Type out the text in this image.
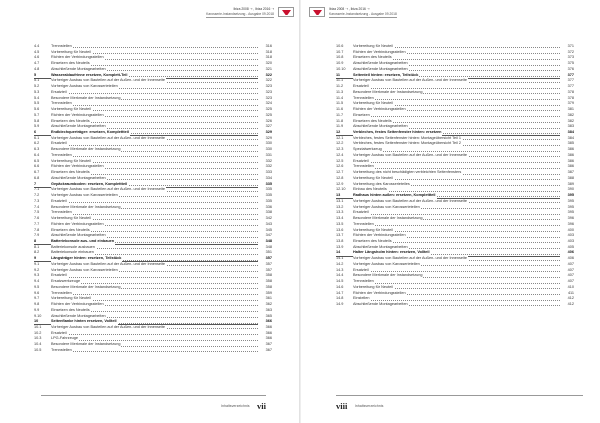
Ibiza 2008 ➝ , Ibiza 2016 ➝
Karosserie-Instandsetzung - Ausgabe 09.2018
4.4	Trennstellen	316
4.5	Vorbereitung für Neuteil	318
4.6	Richten der Verbindungsstellen	318
4.7	Einsetzen des Neuteils	320
4.8	Abschließende Montagearbeiten	321
5	Wasserablaufrinne ersetzen, Komplett-Teil	322
5.1	Vorheriger Ausbau von Bauteilen auf der Außen- und der Innenseite	322
5.2	Vorheriger Ausbau von Karosserieteilen	323
5.3	Ersatzteil	323
5.4	Besondere Merkmale der Instandsetzung	323
5.5	Trennstellen	324
5.6	Vorbereitung für Neuteil	325
5.7	Richten der Verbindungsstellen	325
5.8	Einsetzen des Neuteils	326
5.9	Abschließende Montagearbeiten	327
6	Endblechquerträger: ersetzen, Komplettteil	329
6.1	Vorheriger Ausbau von Bauteilen auf der Außen- und der Innenseite	329
6.2	Ersatzteil	330
6.3	Besondere Merkmale der Instandsetzung	330
6.4	Trennstellen	331
6.5	Vorbereitung für Neuteil	332
6.6	Richten der Verbindungsstellen	332
6.7	Einsetzen des Neuteils	333
6.8	Abschließende Montagearbeiten	334
7	Gepäckraumboden: ersetzen, Komplettteil	335
7.1	Vorheriger Ausbau von Bauteilen auf der Außen- und der Innenseite	335
7.2	Vorheriger Ausbau von Karosserieteilen	335
7.3	Ersatzteil	335
7.4	Besondere Merkmale der Instandsetzung	336
7.5	Trennstellen	338
7.6	Vorbereitung für Neuteil	342
7.7	Richten der Verbindungsstellen	343
7.8	Einsetzen des Neuteils	345
7.9	Abschließende Montagearbeiten	347
8	Batteriekonsole aus- und einbauen	348
8.1	Batteriekonsole ausbauen	348
8.2	Batteriekonsole einbauen	351
9	Längsträger hinten: ersetzen, Teilstück	357
9.1	Vorheriger Ausbau von Bauteilen auf der Außen- und der Innenseite	357
9.2	Vorheriger Ausbau von Karosserieteilen	357
9.3	Ersatzteil	358
9.4	Ersatzwerkzeuge	358
9.5	Besondere Merkmale der Instandsetzung	358
9.6	Trennstellen	359
9.7	Vorbereitung für Neuteil	361
9.8	Richten der Verbindungsstellen	362
9.9	Einsetzen des Neuteils	363
9.10	Abschließende Montagearbeiten	365
10	Seitenflanke hinten ersetzen, Vollteil	366
10.1	Vorheriger Ausbau von Bauteilen auf der Außen- und der Innenseite	366
10.2	Ersatzteil	366
10.3	LPG-Fahrzeuge	366
10.4	Besondere Merkmale der Instandsetzung	367
10.5	Trennstellen	367
Inhaltsverzeichnis vii
Ibiza 2008 ➝ , Ibiza 2016 ➝
Karosserie-Instandsetzung - Ausgabe 09.2018
10.6	Vorbereitung für Neuteil	371
10.7	Richten der Verbindungsstellen	372
10.8	Einsetzen des Neuteils	373
10.9	Abschließende Montagearbeiten	375
10.10	Abschließende Montagearbeiten	376
11	Seitenteil hinten: ersetzen, Teilstück	377
11.1	Vorheriger Ausbau von Bauteilen auf der Außen- und der Innenseite	377
11.2	Ersatzteil	377
11.3	Besondere Merkmale der Instandsetzung	378
11.4	Trennstellen	378
11.5	Vorbereitung für Neuteil	379
11.6	Richten der Verbindungsstellen	381
11.7	Einsetzen	382
11.8	Einsetzen des Neuteils	382
11.9	Abschließende Montagearbeiten	383
12	Verbleches, festes Seitenfenster hinten: ersetzen	384
12.1	Verbleches, festes Seitenfenster hinten: Montageübersicht Teil 1	384
12.2	Verbleches, festes Seitenfenster hinten: Montageübersicht Teil 2	385
12.3	Spezialwerkzeug	386
12.4	Vorheriger Ausbau von Bauteilen auf der Außen- und der Innenseite	386
12.5	Ersatzteil	386
12.6	Trennstellen	386
12.7	Vorbereitung des nicht beschädigten verbleichten Seitenfensters	387
12.8	Vorbereitung für Neuteil	388
12.9	Vorbereitung des Karosserieteiles	389
12.10	Einbau des Neuteils	390
13	Radhaus hinten außen: ersetzen, Komplettteil	395
13.1	Vorheriger Ausbau von Bauteilen auf der Außen- und der Innenseite	395
13.2	Vorheriger Ausbau von Karosserieteilen	395
13.3	Ersatzteil	395
13.4	Besondere Merkmale der Instandsetzung	396
13.5	Trennstellen	396
13.6	Vorbereitung für Neuteil	400
13.7	Richten der Verbindungsstellen	403
13.8	Einsetzen des Neuteils	403
13.9	Abschließende Montagearbeiten	405
14	Halter Längsholm hinten: ersetzen, Vollteil	406
14.1	Vorheriger Ausbau von Bauteilen auf der Außen- und der Innenseite	406
14.2	Vorheriger Ausbau von Karosserieteilen	407
14.3	Ersatzteil	407
14.4	Besondere Merkmale der Instandsetzung	407
14.5	Trennstellen	407
14.6	Vorbereitung für Neuteil	410
14.7	Richten der Verbindungsstellen	411
14.8	Einstellen	412
14.9	Abschließende Montagearbeiten	412
viii Inhaltsverzeichnis
